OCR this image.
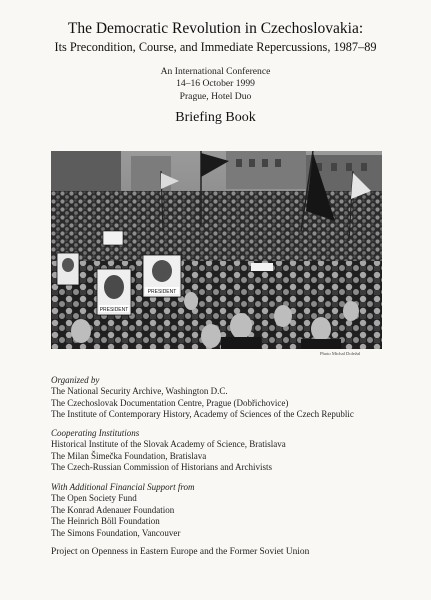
The Democratic Revolution in Czechoslovakia:
Its Precondition, Course, and Immediate Repercussions, 1987–89
An International Conference
14–16 October 1999
Prague, Hotel Duo
Briefing Book
PRESIDENT
PRESIDENT
Photo Michal Doležal
Organized by
The National Security Archive, Washington D.C.
The Czechoslovak Documentation Centre, Prague (Dobřichovice)
The Institute of Contemporary History, Academy of Sciences of the Czech Republic
Cooperating Institutions
Historical Institute of the Slovak Academy of Science, Bratislava
The Milan Šimečka Foundation, Bratislava
The Czech-Russian Commission of Historians and Archivists
With Additional Financial Support from
The Open Society Fund
The Konrad Adenauer Foundation
The Heinrich Böll Foundation
The Simons Foundation, Vancouver
Project on Openness in Eastern Europe and the Former Soviet Union
